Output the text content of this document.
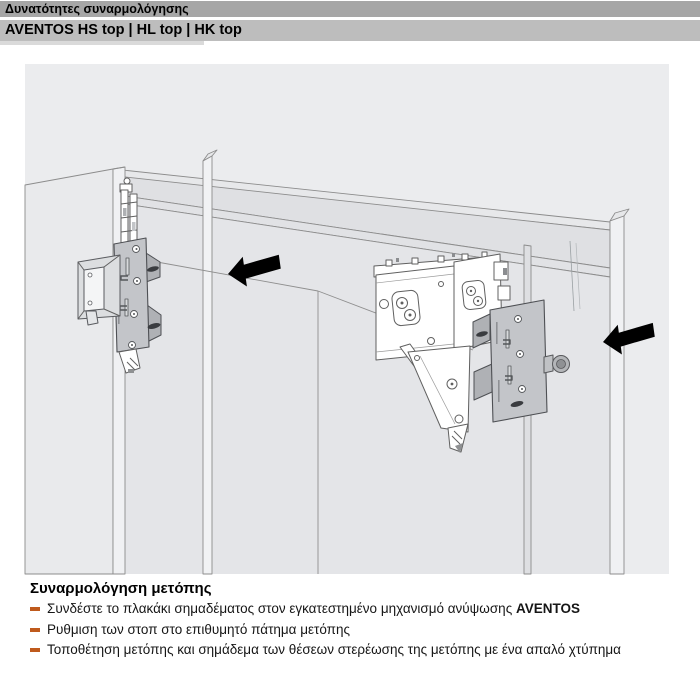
Δυνατότητες συναρμολόγησης
AVENTOS HS top | HL top | HK top
Συναρμολόγηση μετόπης
Συνδέστε το πλακάκι σημαδέματος στον εγκατεστημένο μηχανισμό ανύψωσης AVENTOS
Ρυθμιση των στοπ στο επιθυμητό πάτημα μετόπης
Τοποθέτηση μετόπης και σημάδεμα των θέσεων στερέωσης της μετόπης με ένα απαλό χτύπημα
